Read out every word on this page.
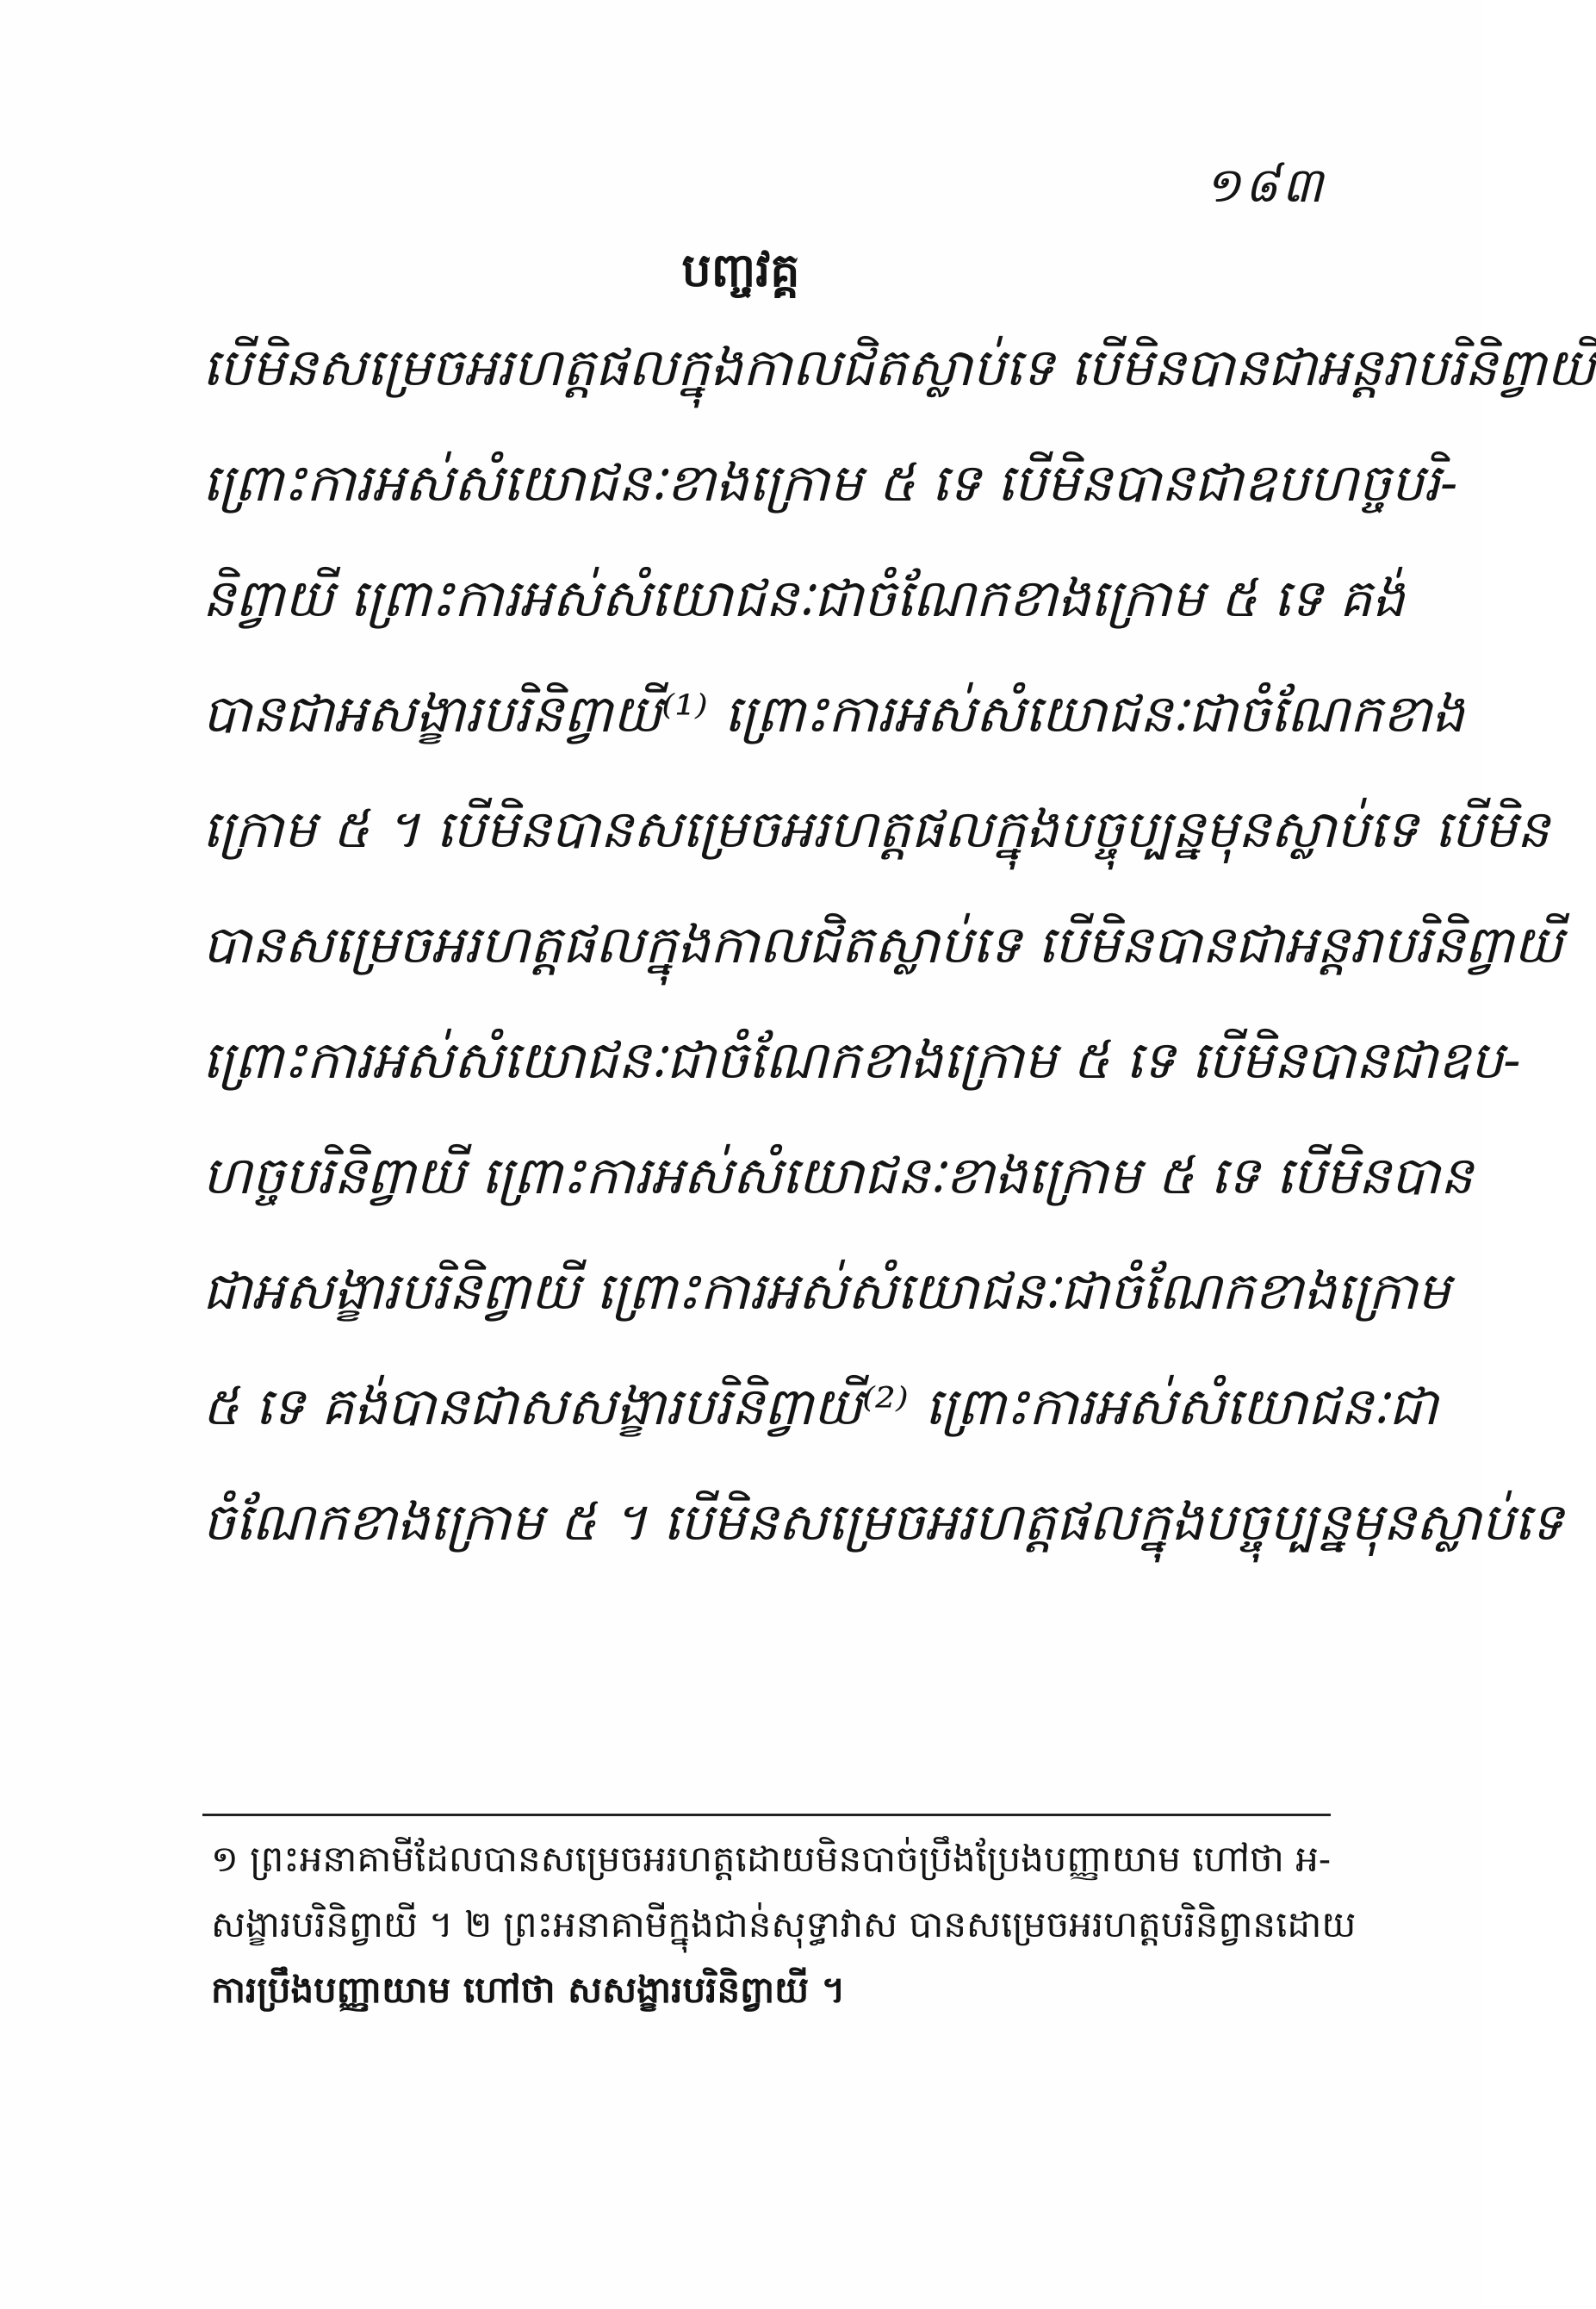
១៨៣
បញ្ចវគ្គ
បើមិនសម្រេចអរហត្តផលក្នុងកាលជិតស្លាប់ទេ បើមិនបានជាអន្តរាបរិនិព្វាយី
ព្រោះការអស់សំយោជនៈខាងក្រោម ៥ ទេ បើមិនបានជាឧបហច្ចបរិ-
និព្វាយី ព្រោះការអស់សំយោជនៈជាចំណែកខាងក្រោម ៥ ទេ គង់
បានជាអសង្ខារបរិនិព្វាយី⁽¹⁾ ព្រោះការអស់សំយោជនៈជាចំណែកខាង
ក្រោម ៥ ។ បើមិនបានសម្រេចអរហត្តផលក្នុងបច្ចុប្បន្នមុនស្លាប់ទេ បើមិន
បានសម្រេចអរហត្តផលក្នុងកាលជិតស្លាប់ទេ បើមិនបានជាអន្តរាបរិនិព្វាយី
ព្រោះការអស់សំយោជនៈជាចំណែកខាងក្រោម ៥ ទេ បើមិនបានជាឧប-
ហច្ចបរិនិព្វាយី ព្រោះការអស់សំយោជនៈខាងក្រោម ៥ ទេ បើមិនបាន
ជាអសង្ខារបរិនិព្វាយី ព្រោះការអស់សំយោជនៈជាចំណែកខាងក្រោម
៥ ទេ គង់បានជាសសង្ខារបរិនិព្វាយី⁽²⁾ ព្រោះការអស់សំយោជនៈជា
ចំណែកខាងក្រោម ៥ ។ បើមិនសម្រេចអរហត្តផលក្នុងបច្ចុប្បន្នមុនស្លាប់ទេ
១ ព្រះអនាគាមីដែលបានសម្រេចអរហត្តដោយមិនបាច់ប្រឹងប្រែងបញ្ញាយាម ហៅថា អ-
សង្ខារបរិនិព្វាយី ។ ២ ព្រះអនាគាមីក្នុងជាន់សុទ្ធាវាស បានសម្រេចអរហត្តបរិនិព្វានដោយ
ការប្រឹងបញ្ញាយាម ហៅថា សសង្ខារបរិនិព្វាយី ។
